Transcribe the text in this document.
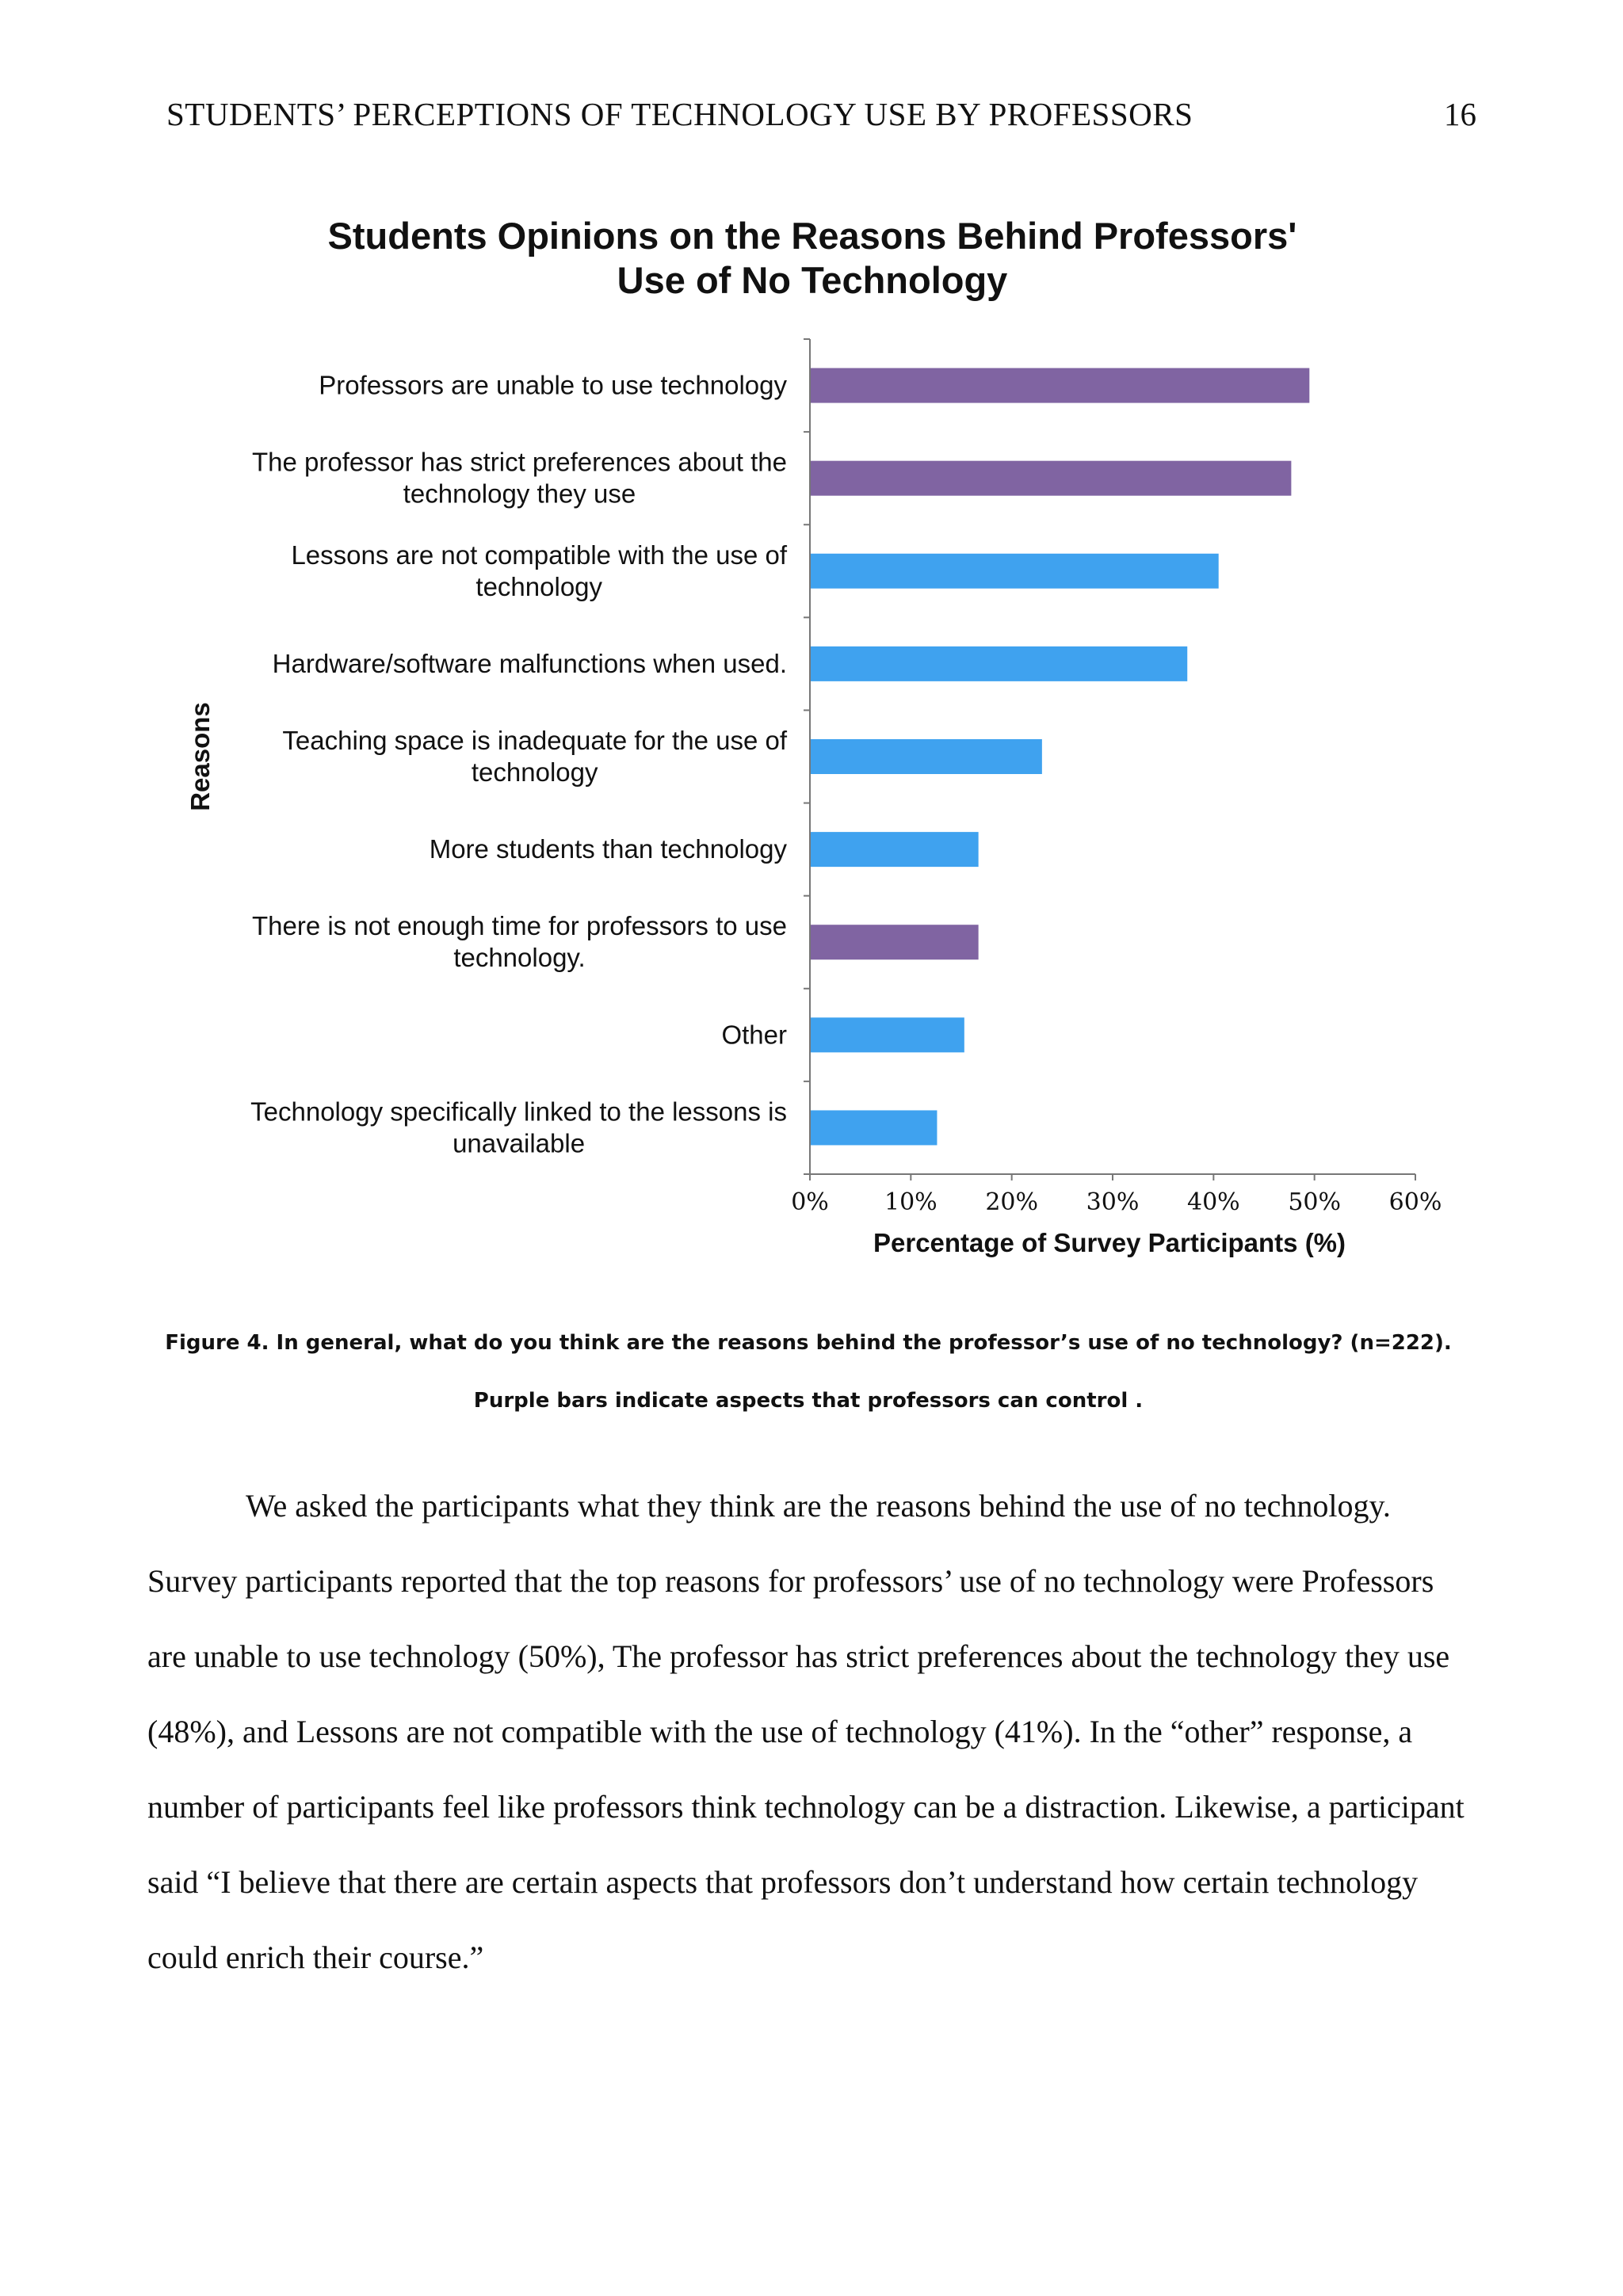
STUDENTS’ PERCEPTIONS OF TECHNOLOGY USE BY PROFESSORS	16
Students Opinions on the Reasons Behind Professors'
Use of No Technology
Reasons
0% 10% 20% 30% 40% 50% 60%
Professors are unable to use technology
The professor has strict preferences about the technology they use
Lessons are not compatible with the use of technology
Hardware/software malfunctions when used.
Teaching space is inadequate for the use of technology
More students than technology
There is not enough time for professors to use technology.
Other
Technology specifically linked to the lessons is unavailable
Percentage of Survey Participants (%)
Figure 4. In general, what do you think are the reasons behind the professor’s use of no technology? (n=222).
Purple bars indicate aspects that professors can control .

We asked the participants what they think are the reasons behind the use of no technology. Survey participants reported that the top reasons for professors’ use of no technology were Professors are unable to use technology (50%), The professor has strict preferences about the technology they use (48%), and Lessons are not compatible with the use of technology (41%). In the “other” response, a number of participants feel like professors think technology can be a distraction. Likewise, a participant said “I believe that there are certain aspects that professors don’t understand how certain technology could enrich their course.”
